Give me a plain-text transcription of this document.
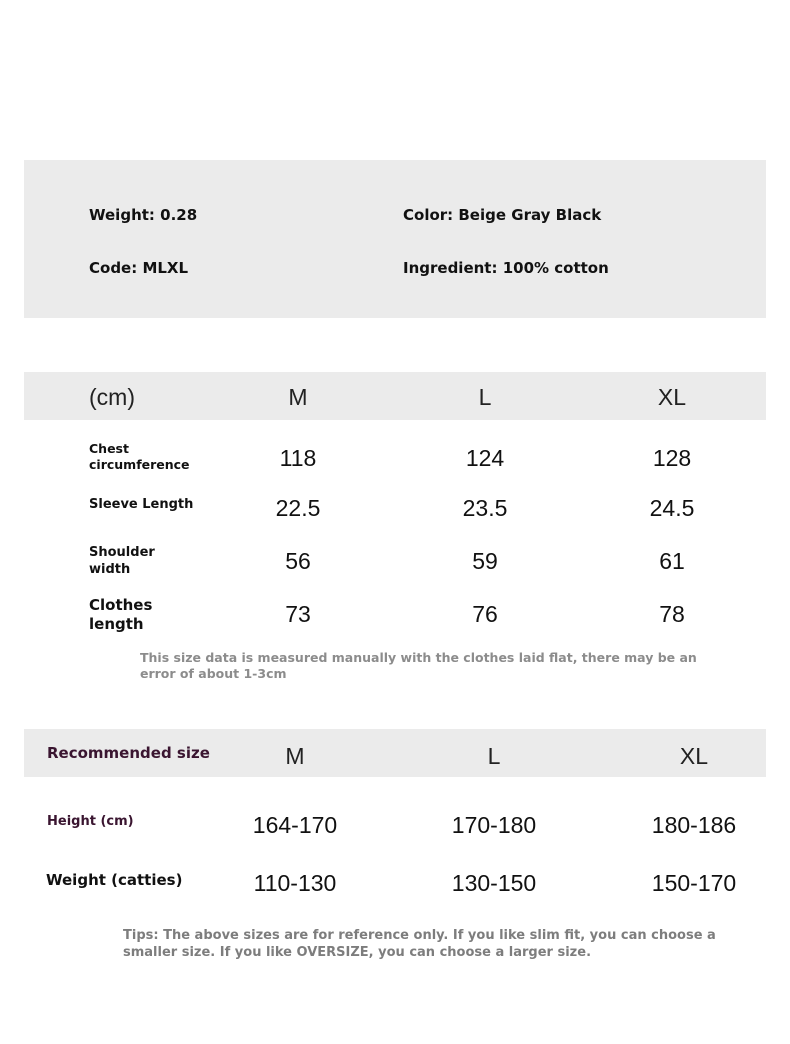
Weight: 0.28	Color: Beige Gray Black
Code: MLXL	Ingredient: 100% cotton
(cm)	M	L	XL
Chest
circumference	118	124	128
Sleeve Length	22.5	23.5	24.5
Shoulder
width	56	59	61
Clothes
length	73	76	78
This size data is measured manually with the clothes laid flat, there may be an
error of about 1-3cm
Recommended size	M	L	XL
Height (cm)	164-170	170-180	180-186
Weight (catties)	110-130	130-150	150-170
Tips: The above sizes are for reference only. If you like slim fit, you can choose a
smaller size. If you like OVERSIZE, you can choose a larger size.
